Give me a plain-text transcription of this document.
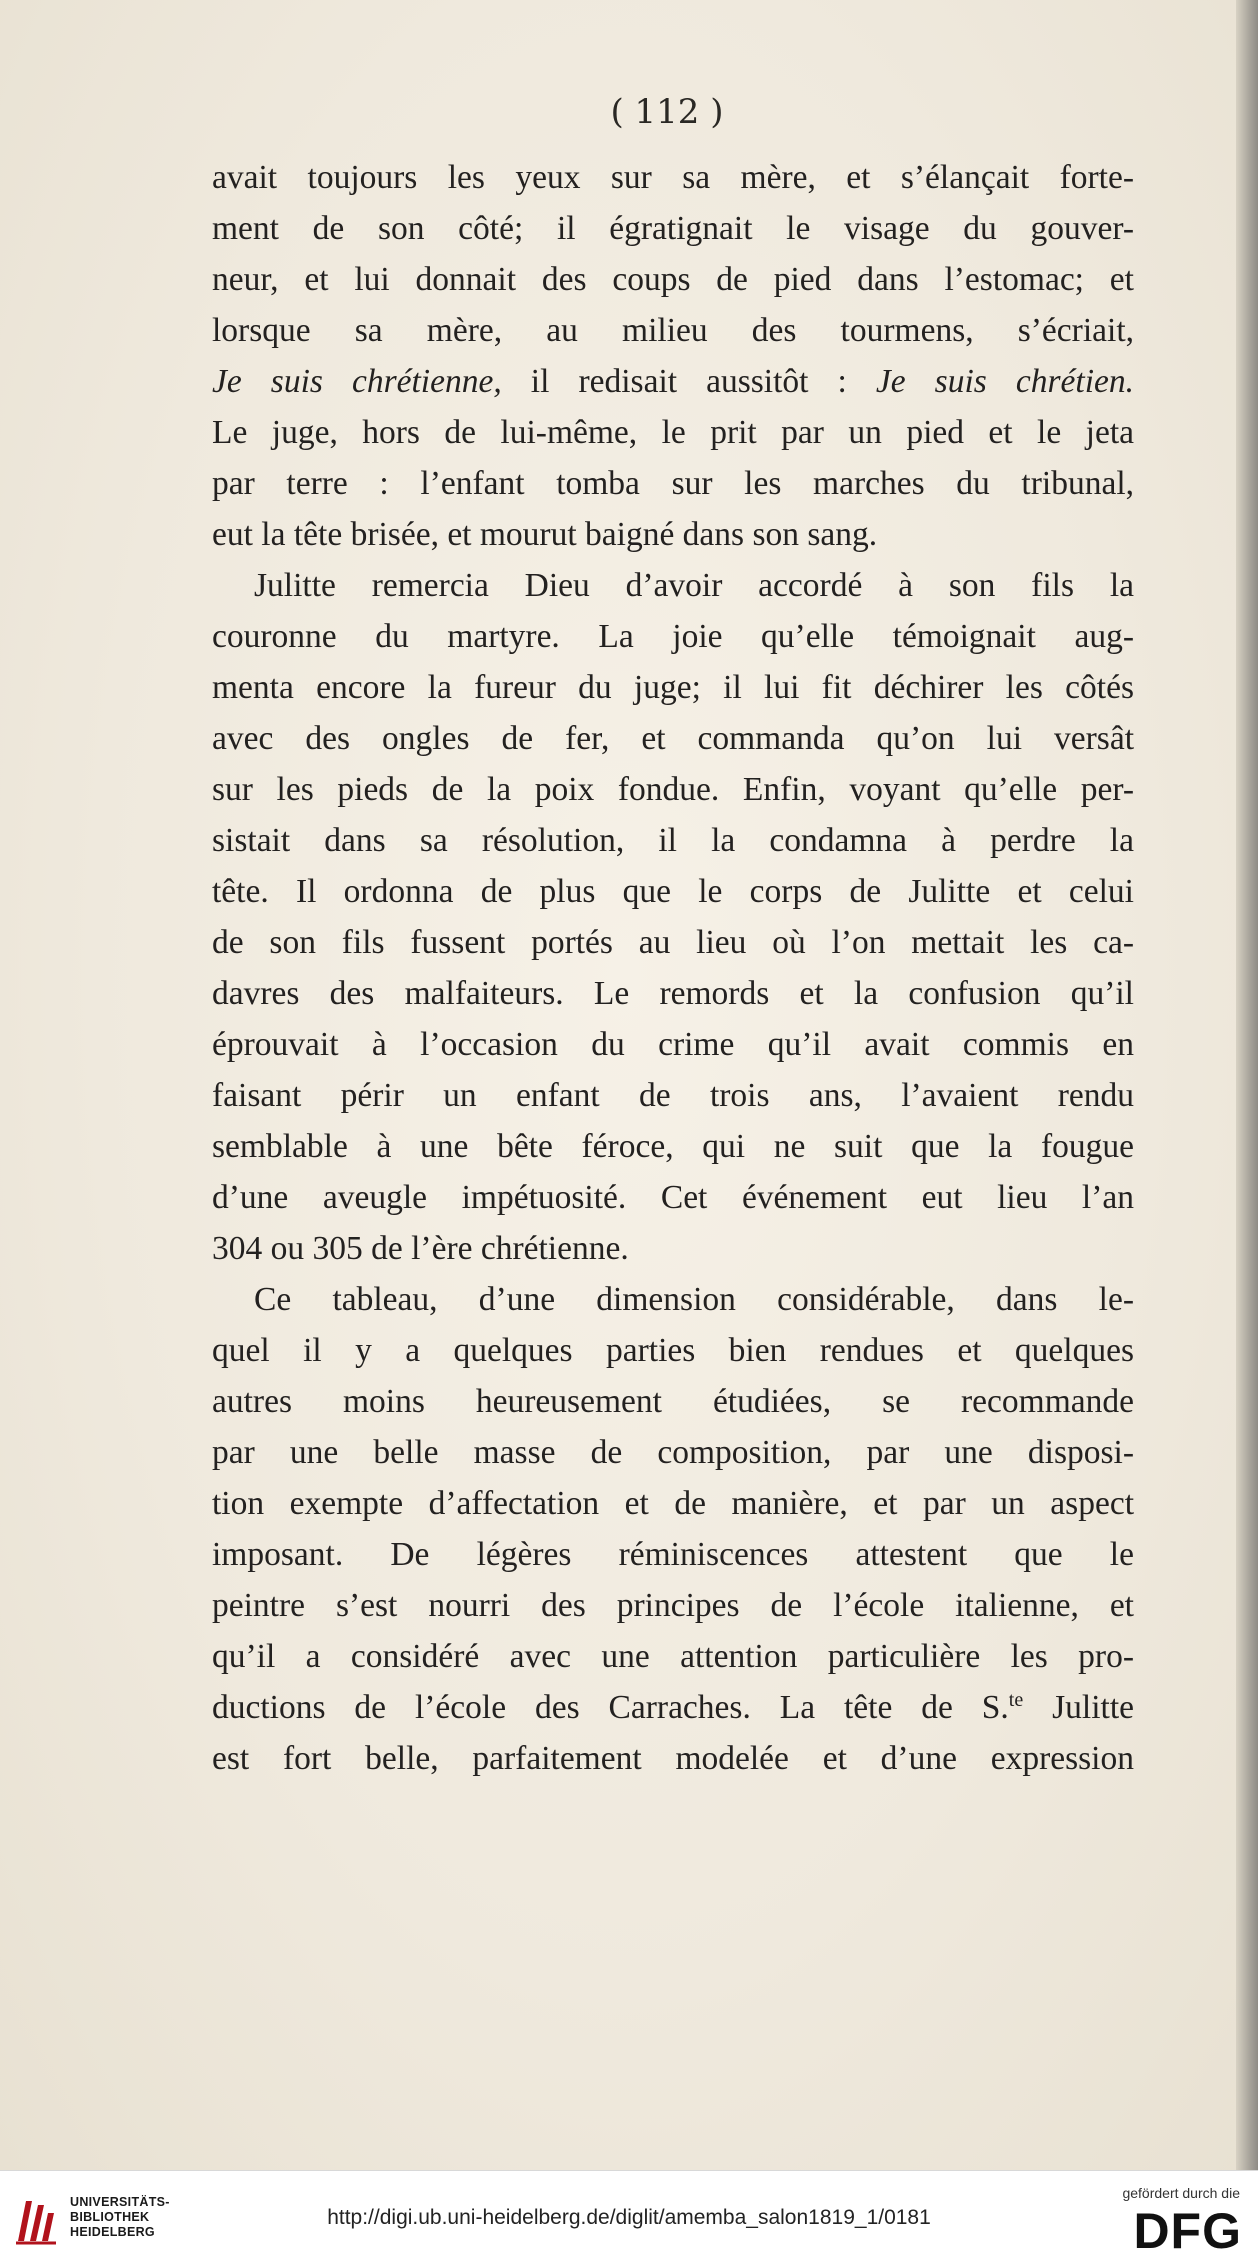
( 112 )
avait toujours les yeux sur sa mère, et s’élançait forte-
ment de son côté; il égratignait le visage du gouver-
neur, et lui donnait des coups de pied dans l’estomac; et
lorsque sa mère, au milieu des tourmens, s’écriait,
Je suis chrétienne, il redisait aussitôt : Je suis chrétien.
Le juge, hors de lui-même, le prit par un pied et le jeta
par terre : l’enfant tomba sur les marches du tribunal,
eut la tête brisée, et mourut baigné dans son sang.
Julitte remercia Dieu d’avoir accordé à son fils la
couronne du martyre. La joie qu’elle témoignait aug-
menta encore la fureur du juge; il lui fit déchirer les côtés
avec des ongles de fer, et commanda qu’on lui versât
sur les pieds de la poix fondue. Enfin, voyant qu’elle per-
sistait dans sa résolution, il la condamna à perdre la
tête. Il ordonna de plus que le corps de Julitte et celui
de son fils fussent portés au lieu où l’on mettait les ca-
davres des malfaiteurs. Le remords et la confusion qu’il
éprouvait à l’occasion du crime qu’il avait commis en
faisant périr un enfant de trois ans, l’avaient rendu
semblable à une bête féroce, qui ne suit que la fougue
d’une aveugle impétuosité. Cet événement eut lieu l’an
304 ou 305 de l’ère chrétienne.
Ce tableau, d’une dimension considérable, dans le-
quel il y a quelques parties bien rendues et quelques
autres moins heureusement étudiées, se recommande
par une belle masse de composition, par une disposi-
tion exempte d’affectation et de manière, et par un aspect
imposant. De légères réminiscences attestent que le
peintre s’est nourri des principes de l’école italienne, et
qu’il a considéré avec une attention particulière les pro-
ductions de l’école des Carraches. La tête de S.$^{te}$ Julitte
est fort belle, parfaitement modelée et d’une expression
UNIVERSITÄTS-
BIBLIOTHEK
HEIDELBERG
http://digi.ub.uni-heidelberg.de/diglit/amemba_salon1819_1/0181
gefördert durch die
DFG
